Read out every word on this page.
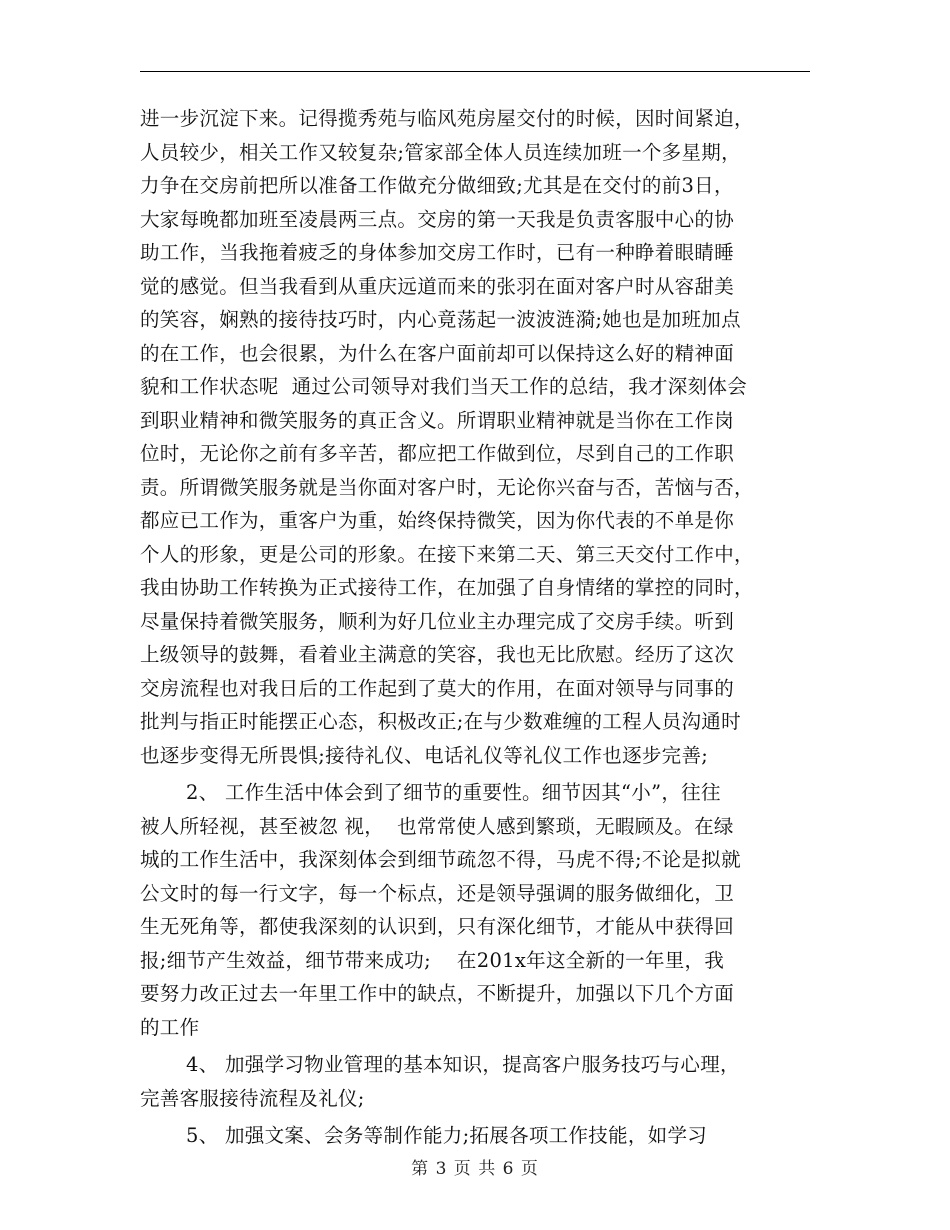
进一步沉淀下来。记得揽秀苑与临风苑房屋交付的时候，因时间紧迫，
人员较少，相关工作又较复杂;管家部全体人员连续加班一个多星期，
力争在交房前把所以准备工作做充分做细致;尤其是在交付的前3日，
大家每晚都加班至凌晨两三点。交房的第一天我是负责客服中心的协
助工作，当我拖着疲乏的身体参加交房工作时，已有一种睁着眼睛睡
觉的感觉。但当我看到从重庆远道而来的张羽在面对客户时从容甜美
的笑容，娴熟的接待技巧时，内心竟荡起一波波涟漪;她也是加班加点
的在工作，也会很累，为什么在客户面前却可以保持这么好的精神面
貌和工作状态呢  通过公司领导对我们当天工作的总结，我才深刻体会
到职业精神和微笑服务的真正含义。所谓职业精神就是当你在工作岗
位时，无论你之前有多辛苦，都应把工作做到位，尽到自己的工作职
责。所谓微笑服务就是当你面对客户时，无论你兴奋与否，苦恼与否，
都应已工作为，重客户为重，始终保持微笑，因为你代表的不单是你
个人的形象，更是公司的形象。在接下来第二天、第三天交付工作中，
我由协助工作转换为正式接待工作，在加强了自身情绪的掌控的同时，
尽量保持着微笑服务，顺利为好几位业主办理完成了交房手续。听到
上级领导的鼓舞，看着业主满意的笑容，我也无比欣慰。经历了这次
交房流程也对我日后的工作起到了莫大的作用，在面对领导与同事的
批判与指正时能摆正心态，积极改正;在与少数难缠的工程人员沟通时
也逐步变得无所畏惧;接待礼仪、电话礼仪等礼仪工作也逐步完善;
2、 工作生活中体会到了细节的重要性。细节因其“小”，往往
被人所轻视，甚至被忽 视，  也常常使人感到繁琐，无暇顾及。在绿
城的工作生活中，我深刻体会到细节疏忽不得，马虎不得;不论是拟就
公文时的每一行文字，每一个标点，还是领导强调的服务做细化，卫
生无死角等，都使我深刻的认识到，只有深化细节，才能从中获得回
报;细节产生效益，细节带来成功;    在201x年这全新的一年里，我
要努力改正过去一年里工作中的缺点，不断提升，加强以下几个方面
的工作
4、 加强学习物业管理的基本知识，提高客户服务技巧与心理，
完善客服接待流程及礼仪;
5、 加强文案、会务等制作能力;拓展各项工作技能，如学习
第 3 页 共 6 页
